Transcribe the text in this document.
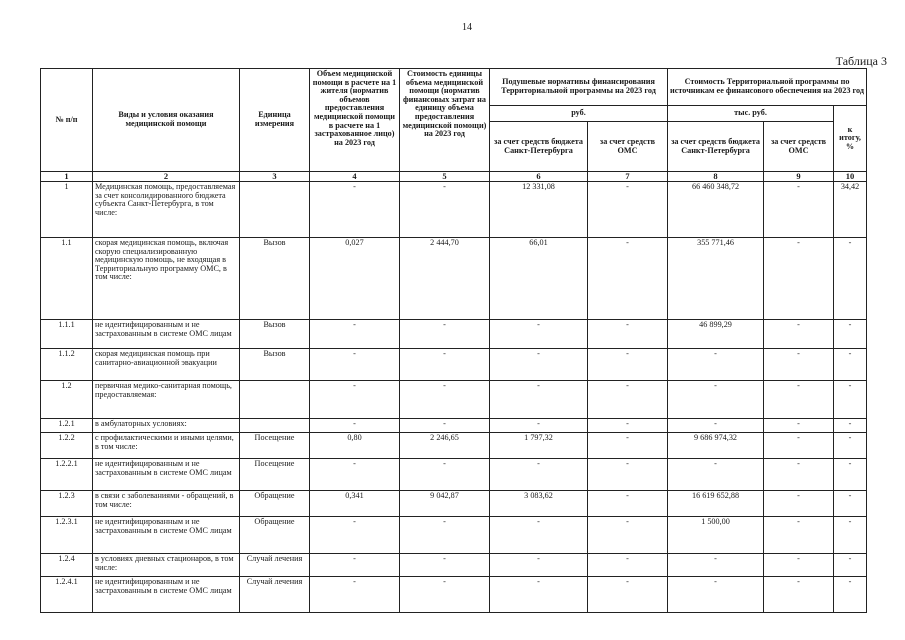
14
Таблица 3
№ п/п	Виды и условия оказания медицинской помощи	Единица измерения	Объем медицинской помощи в расчете на 1 жителя (норматив объемов предоставления медицинской помощи в расчете на 1 застрахованное лицо) на 2023 год	Стоимость единицы объема медицинской помощи (норматив финансовых затрат на единицу объема предоставления медицинской помощи) на 2023 год	Подушевые нормативы финансирования Территориальной программы на 2023 год		Стоимость Территориальной программы по источникам ее финансового обеспечения на 2023 год		
					руб.		тыс. руб.		к итогу, %
					за счет средств бюджета Санкт-Петербурга	за счет средств ОМС	за счет средств бюджета Санкт-Петербурга	за счет средств ОМС	
1	2	3	4	5	6	7	8	9	10
1	Медицинская помощь, предоставляемая за счет консолидированного бюджета субъекта Санкт-Петербурга, в том числе:		-	-	12 331,08	-	66 460 348,72	-	34,42
1.1	скорая медицинская помощь, включая скорую специализированную медицинскую помощь, не входящая в Территориальную программу ОМС, в том числе:	Вызов	0,027	2 444,70	66,01	-	355 771,46	-	-
1.1.1	не идентифицированным и не застрахованным в системе ОМС лицам	Вызов	-	-	-	-	46 899,29	-	-
1.1.2	скорая медицинская помощь при санитарно-авиационной эвакуации	Вызов	-	-	-	-	-	-	-
1.2	первичная медико-санитарная помощь, предоставляемая:		-	-	-	-	-	-	-
1.2.1	в амбулаторных условиях:		-	-	-	-	-	-	-
1.2.2	с профилактическими и иными целями, в том числе:	Посещение	0,80	2 246,65	1 797,32	-	9 686 974,32	-	-
1.2.2.1	не идентифицированным и не застрахованным в системе ОМС лицам	Посещение	-	-	-	-	-	-	-
1.2.3	в связи с заболеваниями - обращений, в том числе:	Обращение	0,341	9 042,87	3 083,62	-	16 619 652,88	-	-
1.2.3.1	не идентифицированным и не застрахованным в системе ОМС лицам	Обращение	-	-	-	-	1 500,00	-	-
1.2.4	в условиях дневных стационаров, в том числе:	Случай лечения	-	-	-	-	-	-	-
1.2.4.1	не идентифицированным и не застрахованным в системе ОМС лицам	Случай лечения	-	-	-	-	-	-	-
